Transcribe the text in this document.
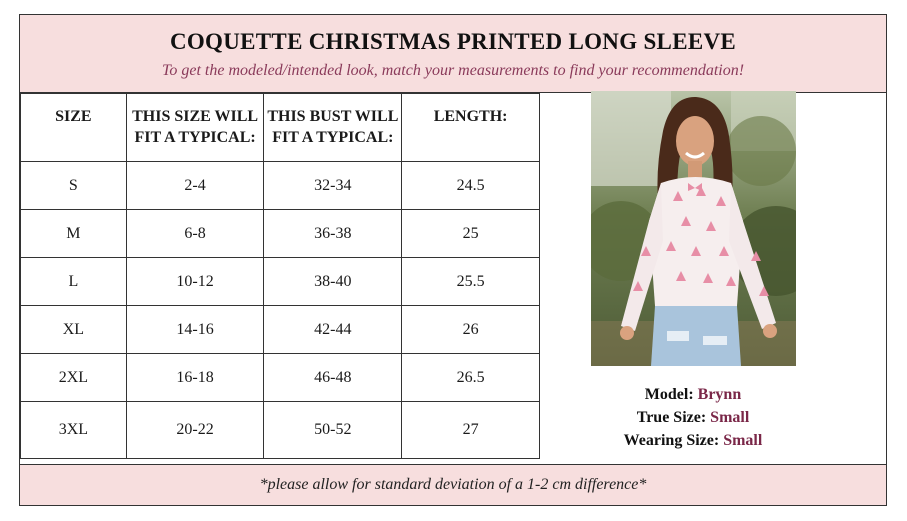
COQUETTE CHRISTMAS PRINTED LONG SLEEVE
To get the modeled/intended look, match your measurements to find your recommendation!
SIZE	THIS SIZE WILL FIT A TYPICAL:	THIS BUST WILL FIT A TYPICAL:	LENGTH:
S	2-4	32-34	24.5
M	6-8	36-38	25
L	10-12	38-40	25.5
XL	14-16	42-44	26
2XL	16-18	46-48	26.5
3XL	20-22	50-52	27
*please allow for standard deviation of a 1-2 cm difference*
Model: Brynn
True Size: Small
Wearing Size: Small
